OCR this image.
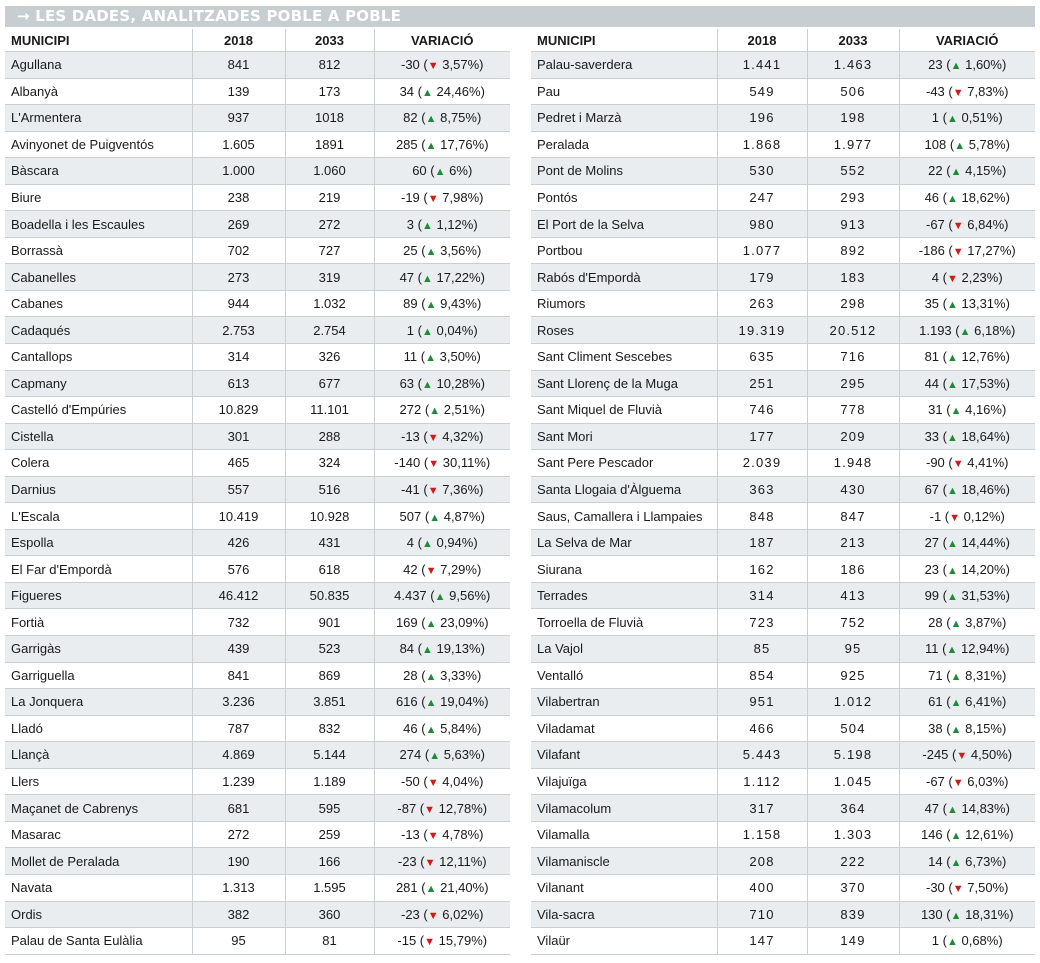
→ LES DADES, ANALITZADES POBLE A POBLE
MUNICIPI	2018	2033	VARIACIÓ
Agullana	841	812	-30 (▼ 3,57%)
Albanyà	139	173	34 (▲ 24,46%)
L'Armentera	937	1018	82 (▲ 8,75%)
Avinyonet de Puigventós	1.605	1891	285 (▲ 17,76%)
Bàscara	1.000	1.060	60 (▲ 6%)
Biure	238	219	-19 (▼ 7,98%)
Boadella i les Escaules	269	272	3 (▲ 1,12%)
Borrassà	702	727	25 (▲ 3,56%)
Cabanelles	273	319	47 (▲ 17,22%)
Cabanes	944	1.032	89 (▲ 9,43%)
Cadaqués	2.753	2.754	1 (▲ 0,04%)
Cantallops	314	326	11 (▲ 3,50%)
Capmany	613	677	63 (▲ 10,28%)
Castelló d'Empúries	10.829	11.101	272 (▲ 2,51%)
Cistella	301	288	-13 (▼ 4,32%)
Colera	465	324	-140 (▼ 30,11%)
Darnius	557	516	-41 (▼ 7,36%)
L'Escala	10.419	10.928	507 (▲ 4,87%)
Espolla	426	431	4 (▲ 0,94%)
El Far d'Empordà	576	618	42 (▼ 7,29%)
Figueres	46.412	50.835	4.437 (▲ 9,56%)
Fortià	732	901	169 (▲ 23,09%)
Garrigàs	439	523	84 (▲ 19,13%)
Garriguella	841	869	28 (▲ 3,33%)
La Jonquera	3.236	3.851	616 (▲ 19,04%)
Lladó	787	832	46 (▲ 5,84%)
Llançà	4.869	5.144	274 (▲ 5,63%)
Llers	1.239	1.189	-50 (▼ 4,04%)
Maçanet de Cabrenys	681	595	-87 (▼ 12,78%)
Masarac	272	259	-13 (▼ 4,78%)
Mollet de Peralada	190	166	-23 (▼ 12,11%)
Navata	1.313	1.595	281 (▲ 21,40%)
Ordis	382	360	-23 (▼ 6,02%)
Palau de Santa Eulàlia	95	81	-15 (▼ 15,79%)
MUNICIPI	2018	2033	VARIACIÓ
Palau-saverdera	1.441	1.463	23 (▲ 1,60%)
Pau	549	506	-43 (▼ 7,83%)
Pedret i Marzà	196	198	1 (▲ 0,51%)
Peralada	1.868	1.977	108 (▲ 5,78%)
Pont de Molins	530	552	22 (▲ 4,15%)
Pontós	247	293	46 (▲ 18,62%)
El Port de la Selva	980	913	-67 (▼ 6,84%)
Portbou	1.077	892	-186 (▼ 17,27%)
Rabós d'Empordà	179	183	4 (▼ 2,23%)
Riumors	263	298	35 (▲ 13,31%)
Roses	19.319	20.512	1.193 (▲ 6,18%)
Sant Climent Sescebes	635	716	81 (▲ 12,76%)
Sant Llorenç de la Muga	251	295	44 (▲ 17,53%)
Sant Miquel de Fluvià	746	778	31 (▲ 4,16%)
Sant Mori	177	209	33 (▲ 18,64%)
Sant Pere Pescador	2.039	1.948	-90 (▼ 4,41%)
Santa Llogaia d'Àlguema	363	430	67 (▲ 18,46%)
Saus, Camallera i Llampaies	848	847	-1 (▼ 0,12%)
La Selva de Mar	187	213	27 (▲ 14,44%)
Siurana	162	186	23 (▲ 14,20%)
Terrades	314	413	99 (▲ 31,53%)
Torroella de Fluvià	723	752	28 (▲ 3,87%)
La Vajol	85	95	11 (▲ 12,94%)
Ventalló	854	925	71 (▲ 8,31%)
Vilabertran	951	1.012	61 (▲ 6,41%)
Viladamat	466	504	38 (▲ 8,15%)
Vilafant	5.443	5.198	-245 (▼ 4,50%)
Vilajuïga	1.112	1.045	-67 (▼ 6,03%)
Vilamacolum	317	364	47 (▲ 14,83%)
Vilamalla	1.158	1.303	146 (▲ 12,61%)
Vilamaniscle	208	222	14 (▲ 6,73%)
Vilanant	400	370	-30 (▼ 7,50%)
Vila-sacra	710	839	130 (▲ 18,31%)
Vilaür	147	149	1 (▲ 0,68%)
